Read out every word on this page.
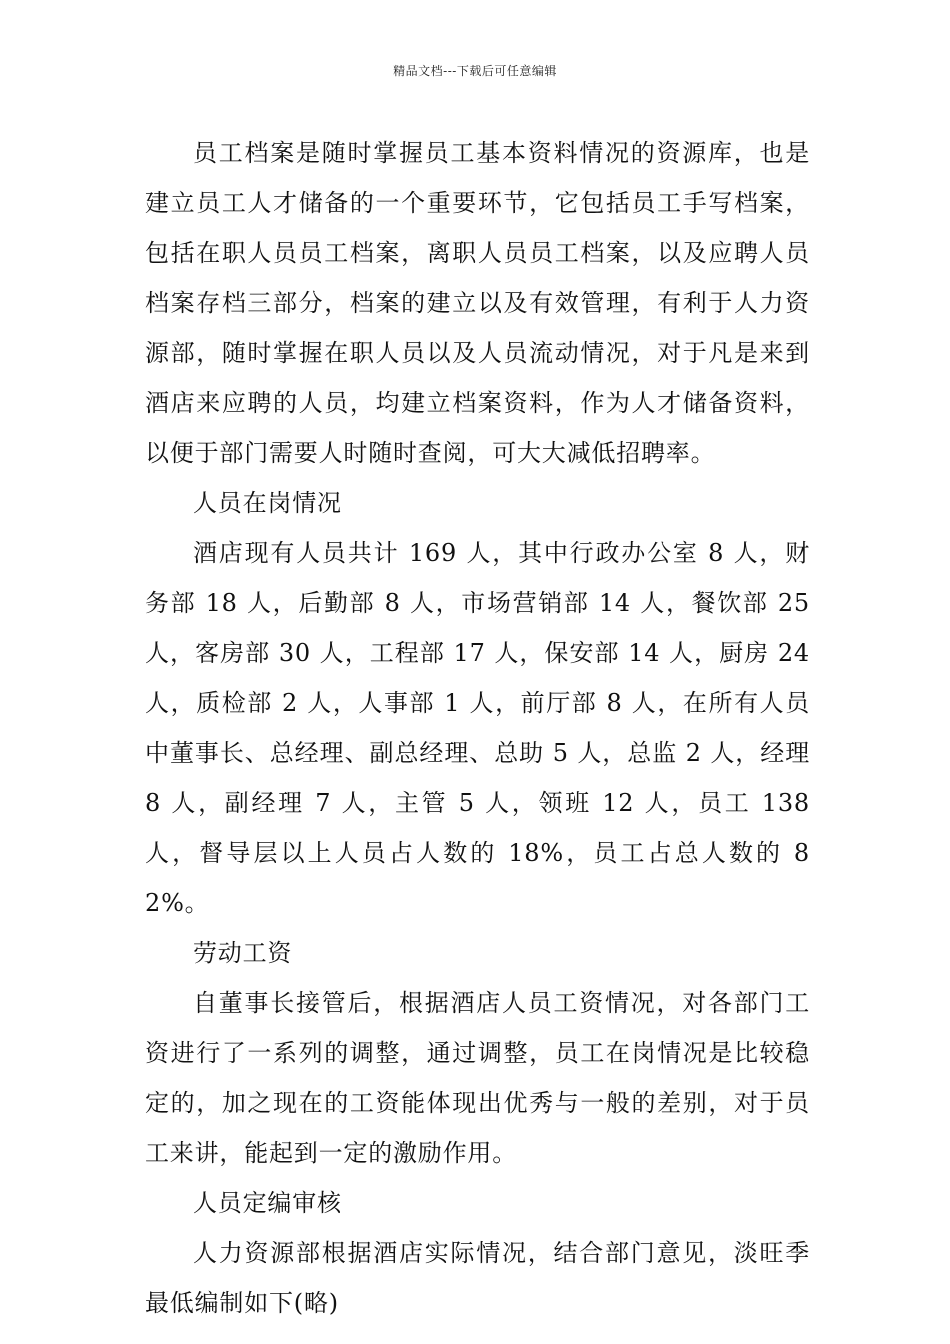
精品文档---下载后可任意编辑

员工档案是随时掌握员工基本资料情况的资源库，也是建立员工人才储备的一个重要环节，它包括员工手写档案，包括在职人员员工档案，离职人员员工档案，以及应聘人员档案存档三部分，档案的建立以及有效管理，有利于人力资源部，随时掌握在职人员以及人员流动情况，对于凡是来到酒店来应聘的人员，均建立档案资料，作为人才储备资料，以便于部门需要人时随时查阅，可大大减低招聘率。

人员在岗情况

酒店现有人员共计 169 人，其中行政办公室 8 人，财务部 18 人，后勤部 8 人，市场营销部 14 人，餐饮部 25 人，客房部 30 人，工程部 17 人，保安部 14 人，厨房 24 人，质检部 2 人，人事部 1 人，前厅部 8 人，在所有人员中董事长、总经理、副总经理、总助 5 人，总监 2 人，经理 8 人，副经理 7 人，主管 5 人，领班 12 人，员工 138 人，督导层以上人员占人数的 18%，员工占总人数的 82%。

劳动工资

自董事长接管后，根据酒店人员工资情况，对各部门工资进行了一系列的调整，通过调整，员工在岗情况是比较稳定的，加之现在的工资能体现出优秀与一般的差别，对于员工来讲，能起到一定的激励作用。

人员定编审核

人力资源部根据酒店实际情况，结合部门意见，淡旺季最低编制如下(略)
